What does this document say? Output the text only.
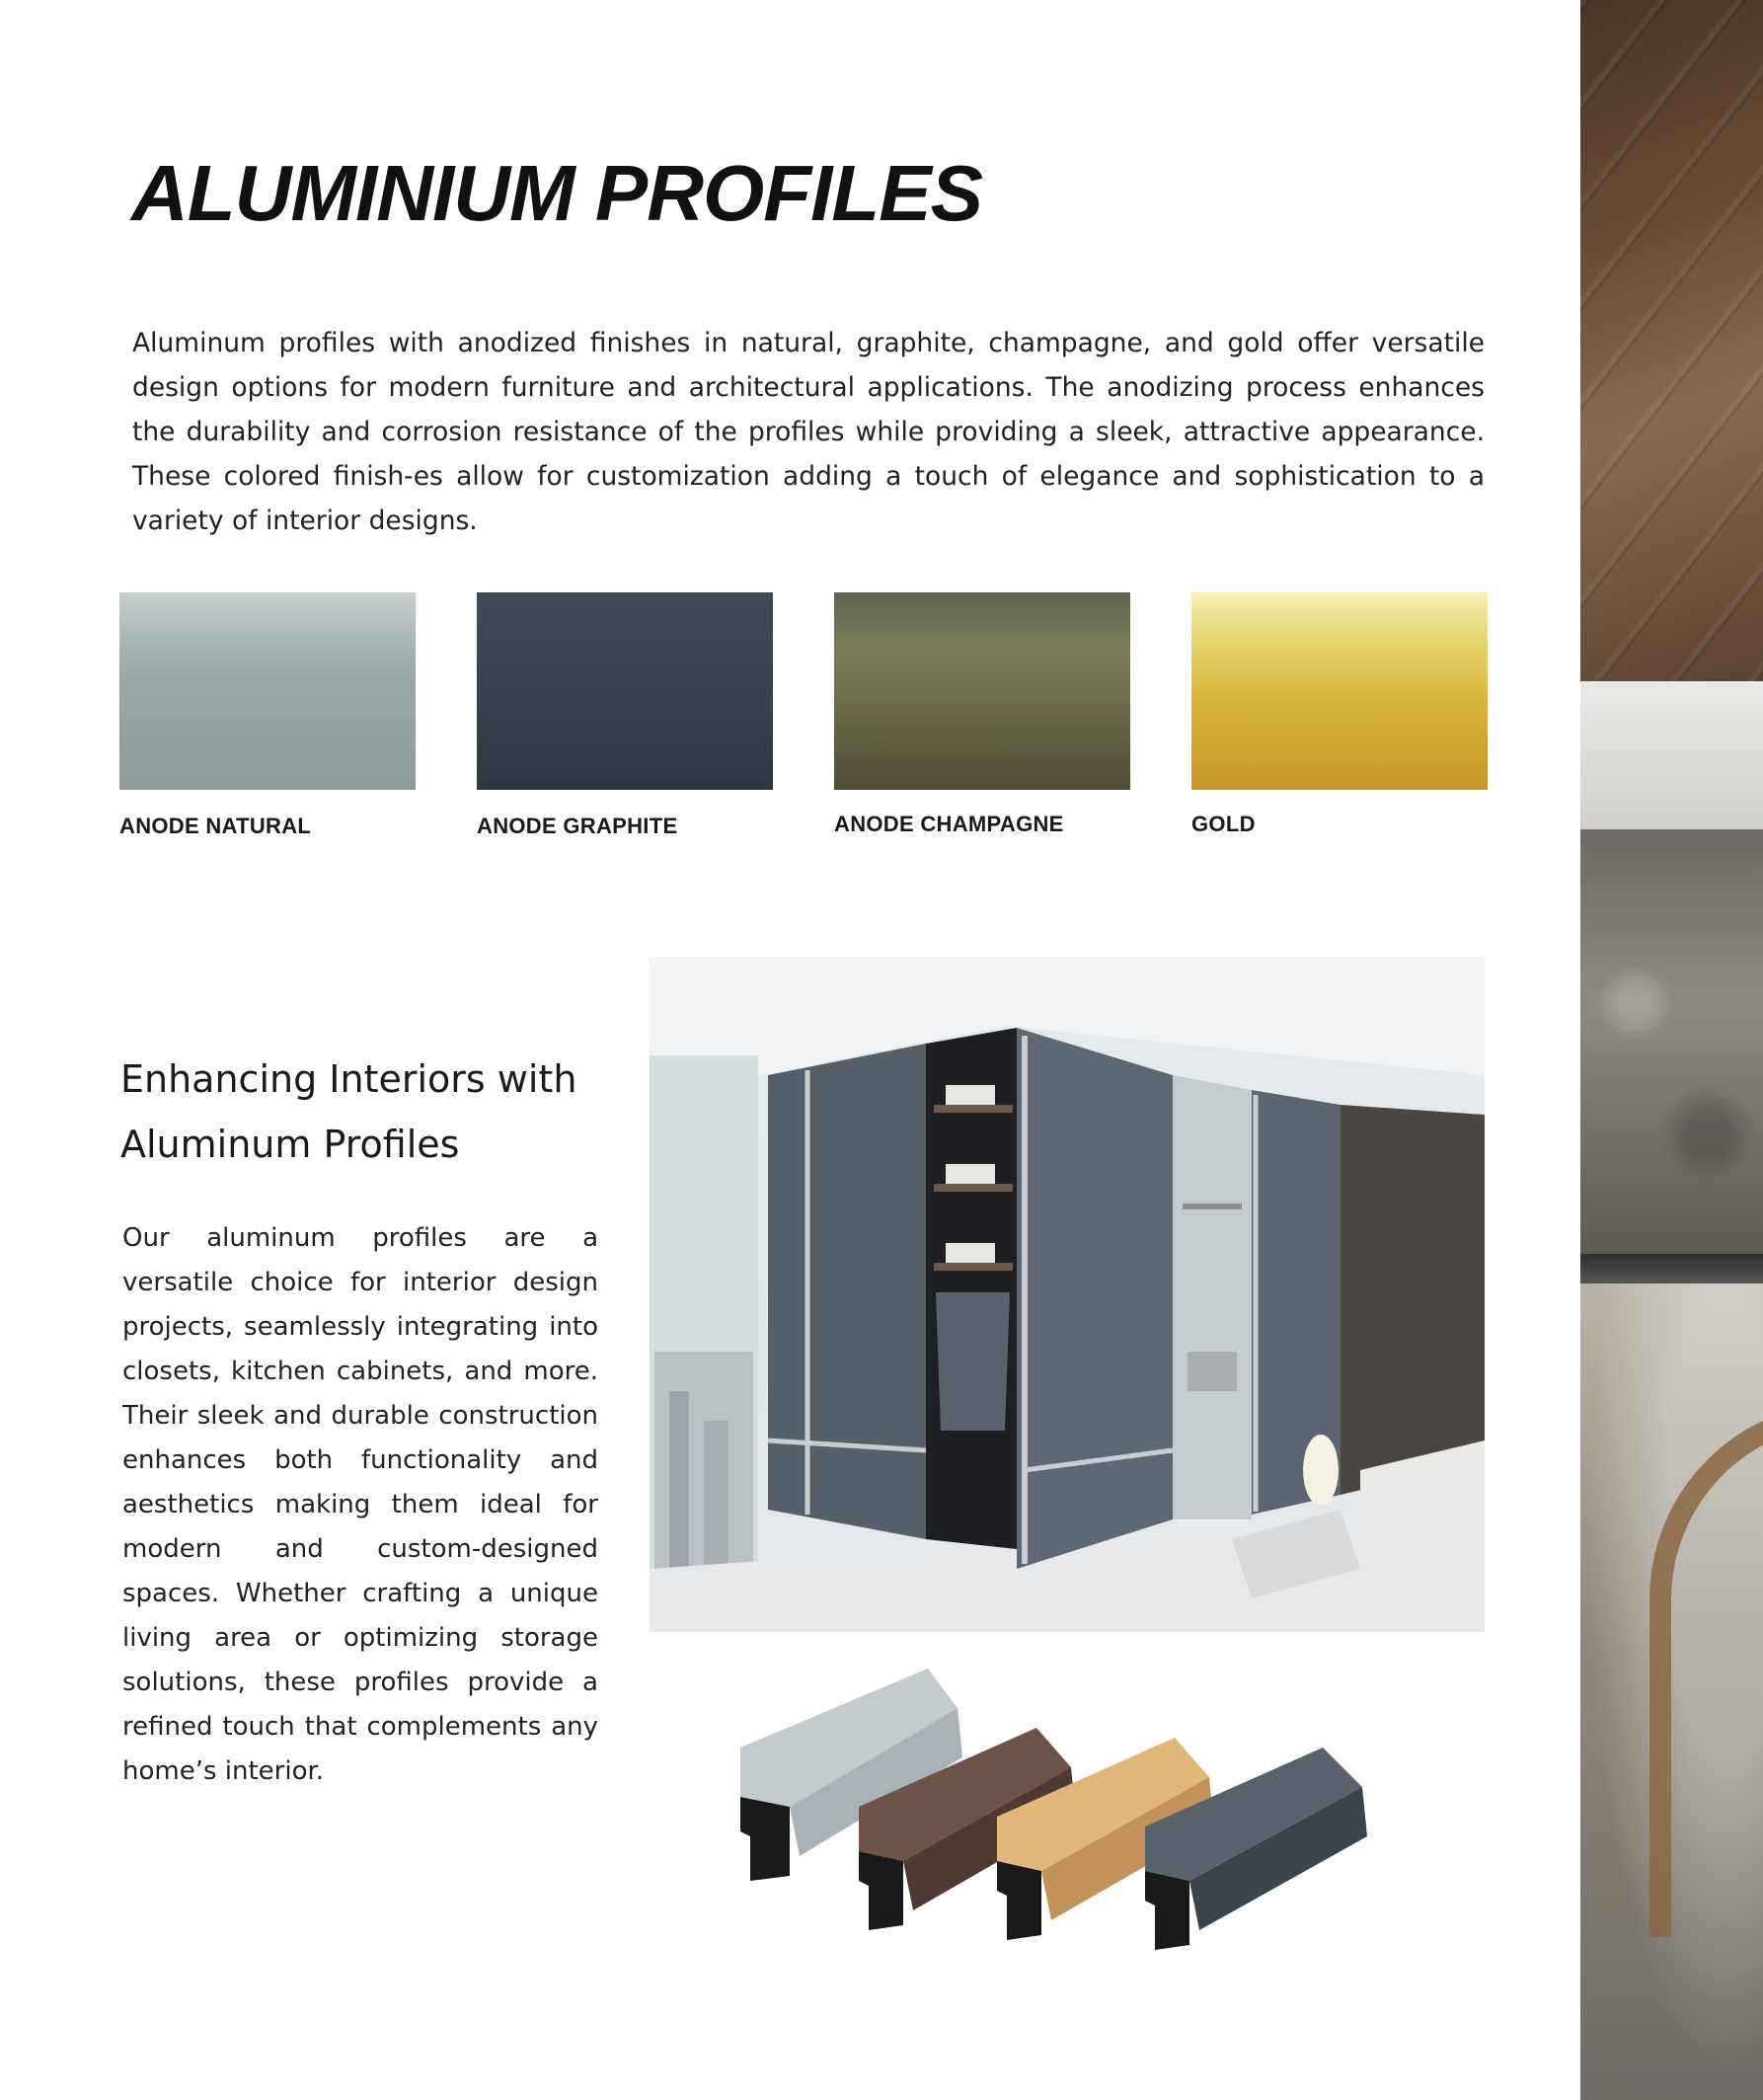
ALUMINIUM PROFILES

Aluminum profiles with anodized finishes in natural, graphite, champagne, and gold offer versatile design options for modern furniture and architectural applications. The anodizing process enhances the durability and corrosion resistance of the profiles while providing a sleek, attractive appearance. These colored finish-es allow for customization adding a touch of elegance and sophistication to a variety of interior designs.

ANODE NATURAL	ANODE GRAPHITE	ANODE CHAMPAGNE	GOLD

Enhancing Interiors with Aluminum Profiles

Our aluminum profiles are a versatile choice for interior design projects, seamlessly integrating into closets, kitchen cabinets, and more. Their sleek and durable construction enhances both functionality and aesthetics making them ideal for modern and custom-designed spaces. Whether crafting a unique living area or optimizing storage solutions, these profiles provide a refined touch that complements any home’s interior.
